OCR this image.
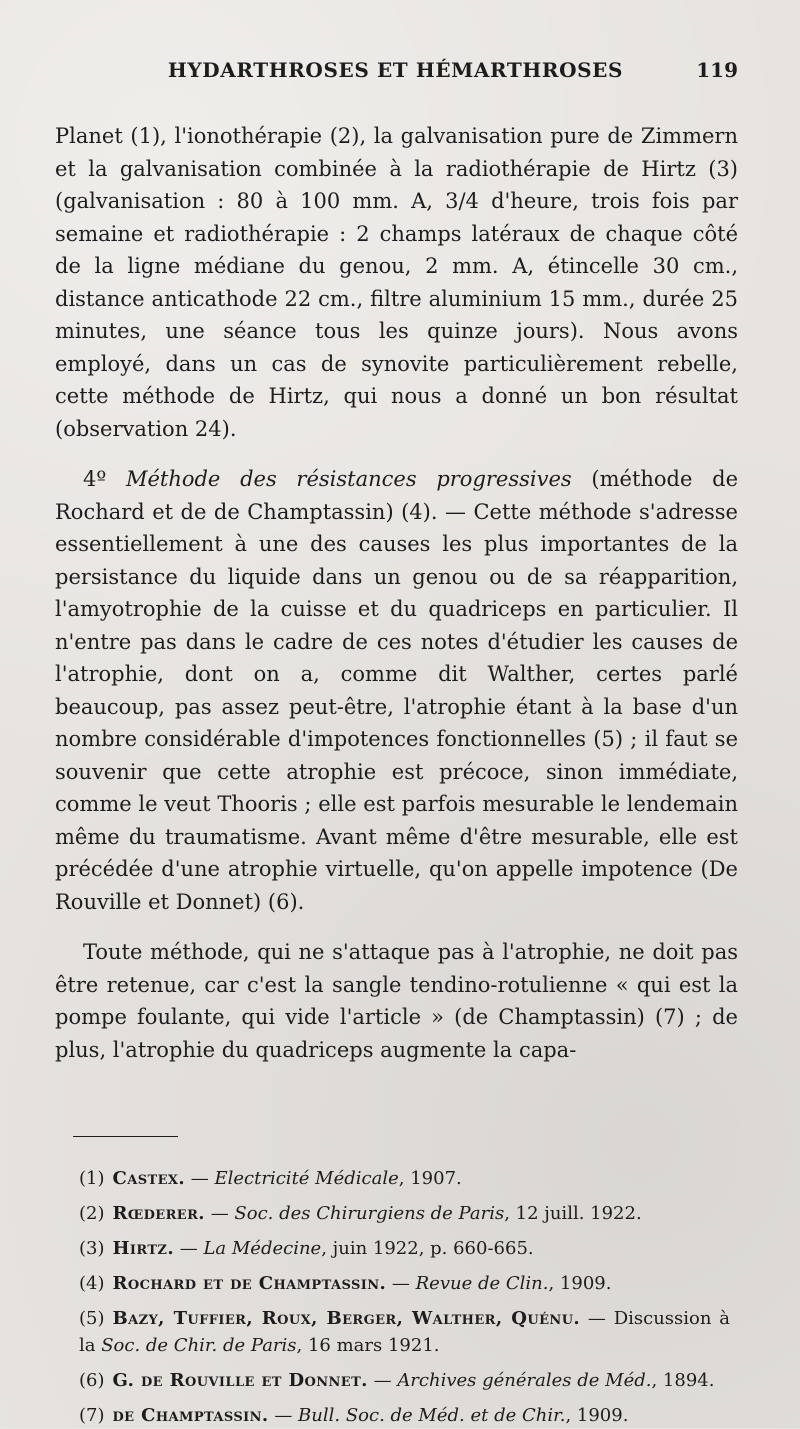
HYDARTHROSES ET HÉMARTHROSES	119

Planet (1), l'ionothérapie (2), la galvanisation pure de Zimmern et la galvanisation combinée à la radiothérapie de Hirtz (3) (galvanisation : 80 à 100 mm. A, 3/4 d'heure, trois fois par semaine et radiothérapie : 2 champs latéraux de chaque côté de la ligne médiane du genou, 2 mm. A, étincelle 30 cm., distance anticathode 22 cm., filtre aluminium 15 mm., durée 25 minutes, une séance tous les quinze jours). Nous avons employé, dans un cas de synovite particulièrement rebelle, cette méthode de Hirtz, qui nous a donné un bon résultat (observation 24).

4º Méthode des résistances progressives (méthode de Rochard et de de Champtassin) (4). — Cette méthode s'adresse essentiellement à une des causes les plus importantes de la persistance du liquide dans un genou ou de sa réapparition, l'amyotrophie de la cuisse et du quadriceps en particulier. Il n'entre pas dans le cadre de ces notes d'étudier les causes de l'atrophie, dont on a, comme dit Walther, certes parlé beaucoup, pas assez peut-être, l'atrophie étant à la base d'un nombre considérable d'impotences fonctionnelles (5) ; il faut se souvenir que cette atrophie est précoce, sinon immédiate, comme le veut Thooris ; elle est parfois mesurable le lendemain même du traumatisme. Avant même d'être mesurable, elle est précédée d'une atrophie virtuelle, qu'on appelle impotence (De Rouville et Donnet) (6).

Toute méthode, qui ne s'attaque pas à l'atrophie, ne doit pas être retenue, car c'est la sangle tendino-rotulienne « qui est la pompe foulante, qui vide l'article » (de Champtassin) (7) ; de plus, l'atrophie du quadriceps augmente la capa-

(1) Castex. — Electricité Médicale, 1907.
(2) Rœderer. — Soc. des Chirurgiens de Paris, 12 juill. 1922.
(3) Hirtz. — La Médecine, juin 1922, p. 660-665.
(4) Rochard et de Champtassin. — Revue de Clin., 1909.
(5) Bazy, Tuffier, Roux, Berger, Walther, Quénu. — Discussion à la Soc. de Chir. de Paris, 16 mars 1921.
(6) G. de Rouville et Donnet. — Archives générales de Méd., 1894.
(7) de Champtassin. — Bull. Soc. de Méd. et de Chir., 1909.
